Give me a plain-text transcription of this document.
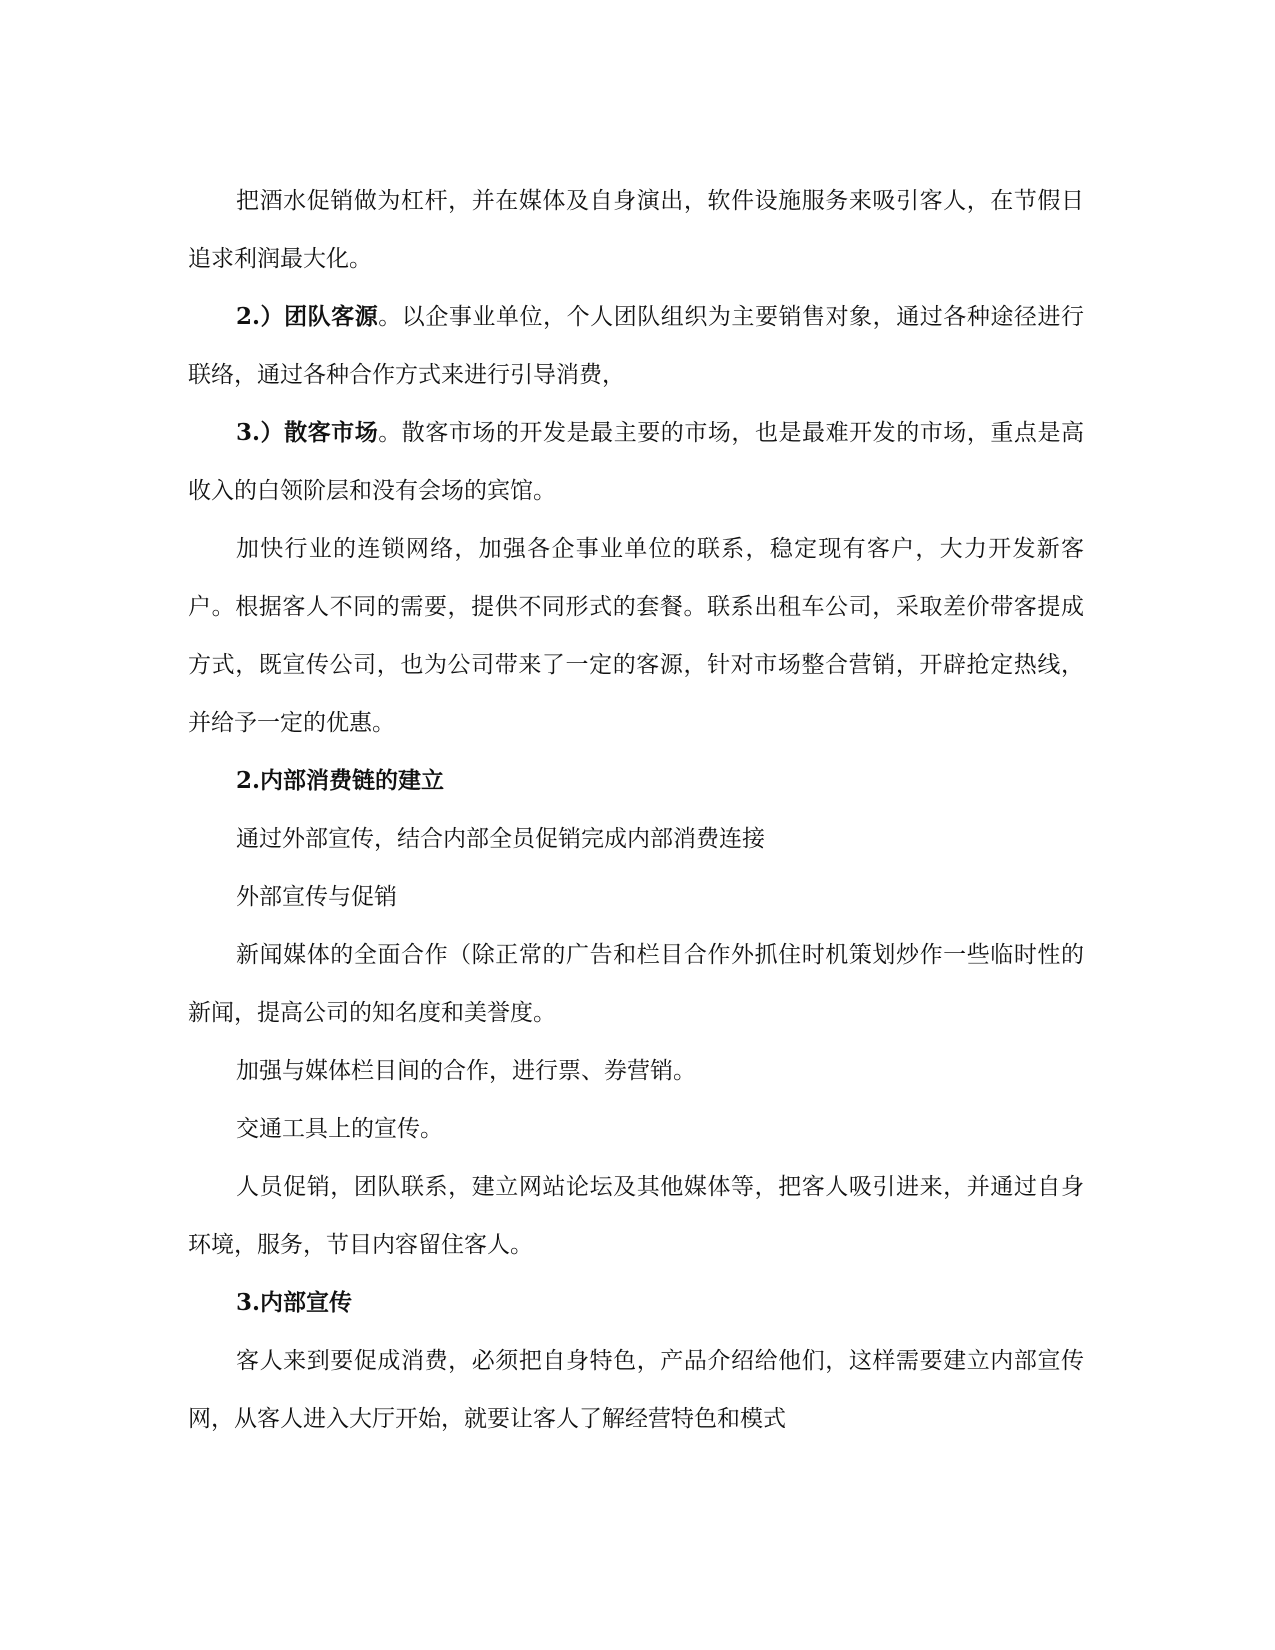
把酒水促销做为杠杆，并在媒体及自身演出，软件设施服务来吸引客人，在节假日追求利润最大化。

2.）团队客源。以企事业单位，个人团队组织为主要销售对象，通过各种途径进行联络，通过各种合作方式来进行引导消费，

3.）散客市场。散客市场的开发是最主要的市场，也是最难开发的市场，重点是高收入的白领阶层和没有会场的宾馆。

加快行业的连锁网络，加强各企事业单位的联系，稳定现有客户，大力开发新客户。根据客人不同的需要，提供不同形式的套餐。联系出租车公司，采取差价带客提成方式，既宣传公司，也为公司带来了一定的客源，针对市场整合营销，开辟抢定热线，并给予一定的优惠。

2.内部消费链的建立

通过外部宣传，结合内部全员促销完成内部消费连接

外部宣传与促销

新闻媒体的全面合作（除正常的广告和栏目合作外抓住时机策划炒作一些临时性的新闻，提高公司的知名度和美誉度。

加强与媒体栏目间的合作，进行票、券营销。

交通工具上的宣传。

人员促销，团队联系，建立网站论坛及其他媒体等，把客人吸引进来，并通过自身环境，服务，节目内容留住客人。

3.内部宣传

客人来到要促成消费，必须把自身特色，产品介绍给他们，这样需要建立内部宣传网，从客人进入大厅开始，就要让客人了解经营特色和模式
